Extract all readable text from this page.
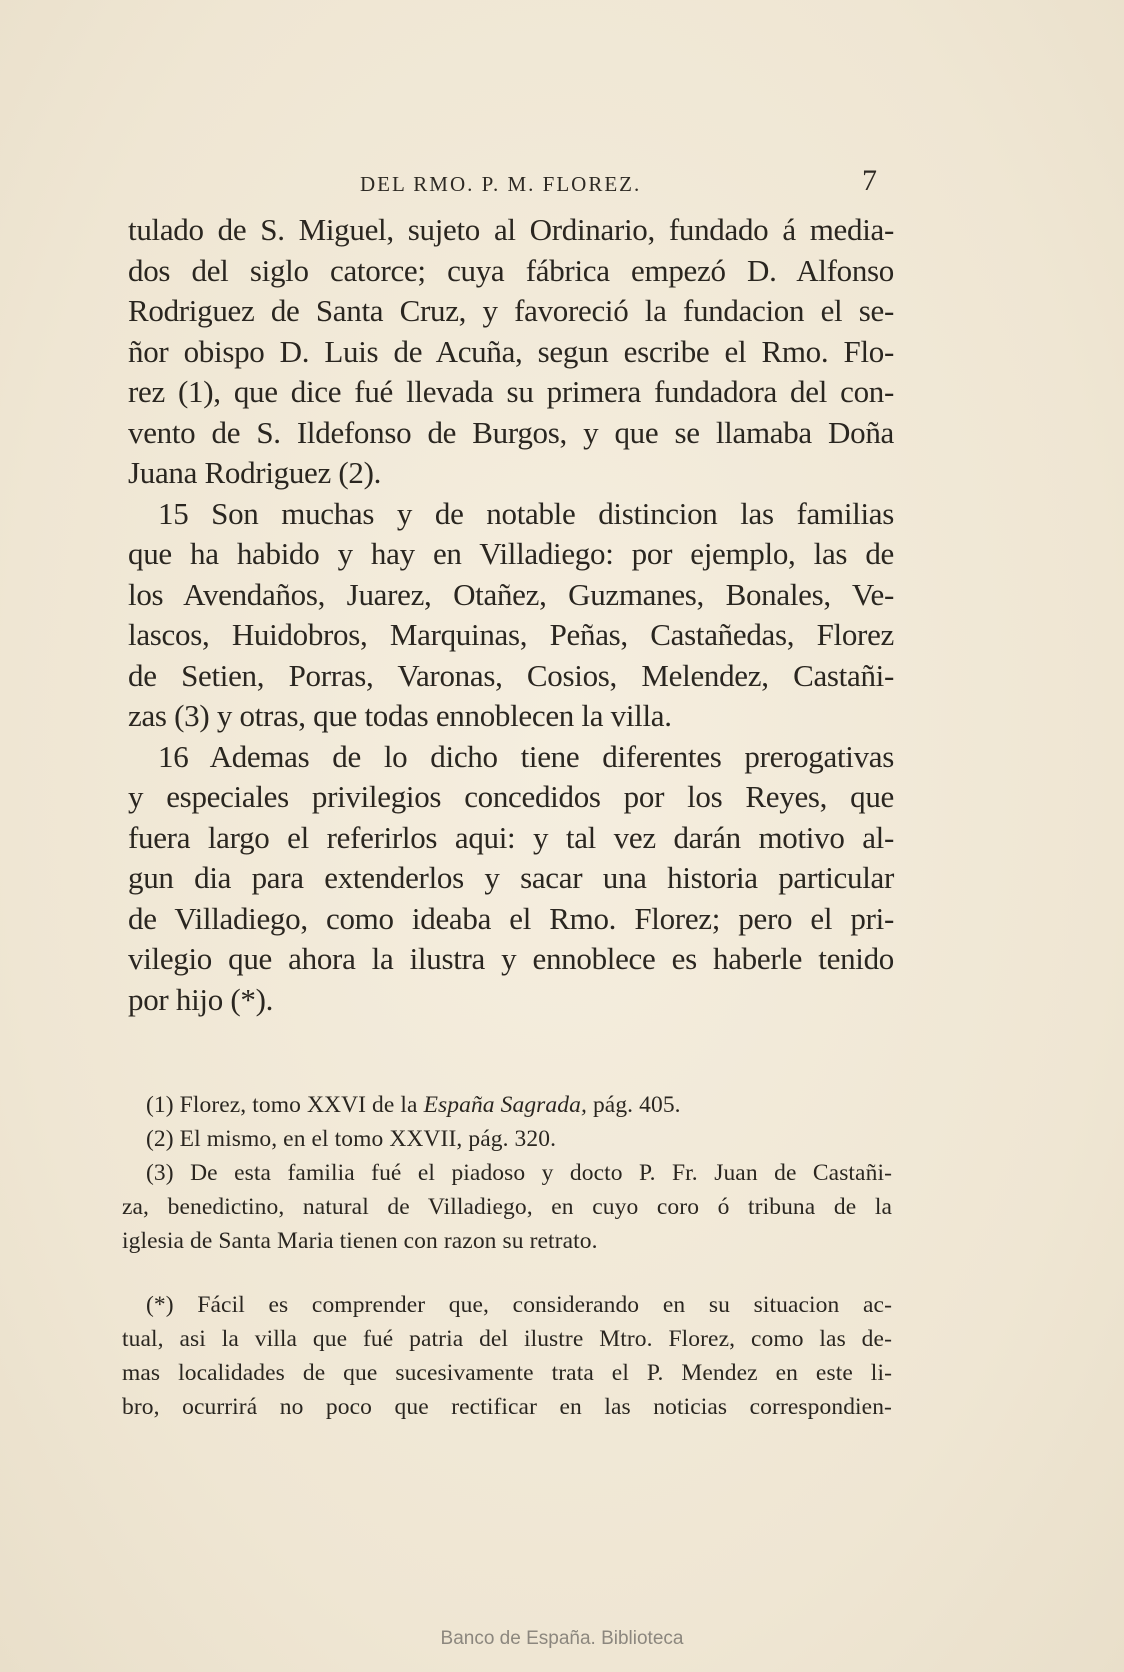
DEL RMO. P. M. FLOREZ.	7
tulado de S. Miguel, sujeto al Ordinario, fundado á media-
dos del siglo catorce; cuya fábrica empezó D. Alfonso
Rodriguez de Santa Cruz, y favoreció la fundacion el se-
ñor obispo D. Luis de Acuña, segun escribe el Rmo. Flo-
rez (1), que dice fué llevada su primera fundadora del con-
vento de S. Ildefonso de Burgos, y que se llamaba Doña
Juana Rodriguez (2).
15 Son muchas y de notable distincion las familias
que ha habido y hay en Villadiego: por ejemplo, las de
los Avendaños, Juarez, Otañez, Guzmanes, Bonales, Ve-
lascos, Huidobros, Marquinas, Peñas, Castañedas, Florez
de Setien, Porras, Varonas, Cosios, Melendez, Castañi-
zas (3) y otras, que todas ennoblecen la villa.
16 Ademas de lo dicho tiene diferentes prerogativas
y especiales privilegios concedidos por los Reyes, que
fuera largo el referirlos aqui: y tal vez darán motivo al-
gun dia para extenderlos y sacar una historia particular
de Villadiego, como ideaba el Rmo. Florez; pero el pri-
vilegio que ahora la ilustra y ennoblece es haberle tenido
por hijo (*).
(1) Florez, tomo XXVI de la España Sagrada, pág. 405.
(2) El mismo, en el tomo XXVII, pág. 320.
(3) De esta familia fué el piadoso y docto P. Fr. Juan de Castañi-
za, benedictino, natural de Villadiego, en cuyo coro ó tribuna de la
iglesia de Santa Maria tienen con razon su retrato.
(*) Fácil es comprender que, considerando en su situacion ac-
tual, asi la villa que fué patria del ilustre Mtro. Florez, como las de-
mas localidades de que sucesivamente trata el P. Mendez en este li-
bro, ocurrirá no poco que rectificar en las noticias correspondien-
Banco de España. Biblioteca
